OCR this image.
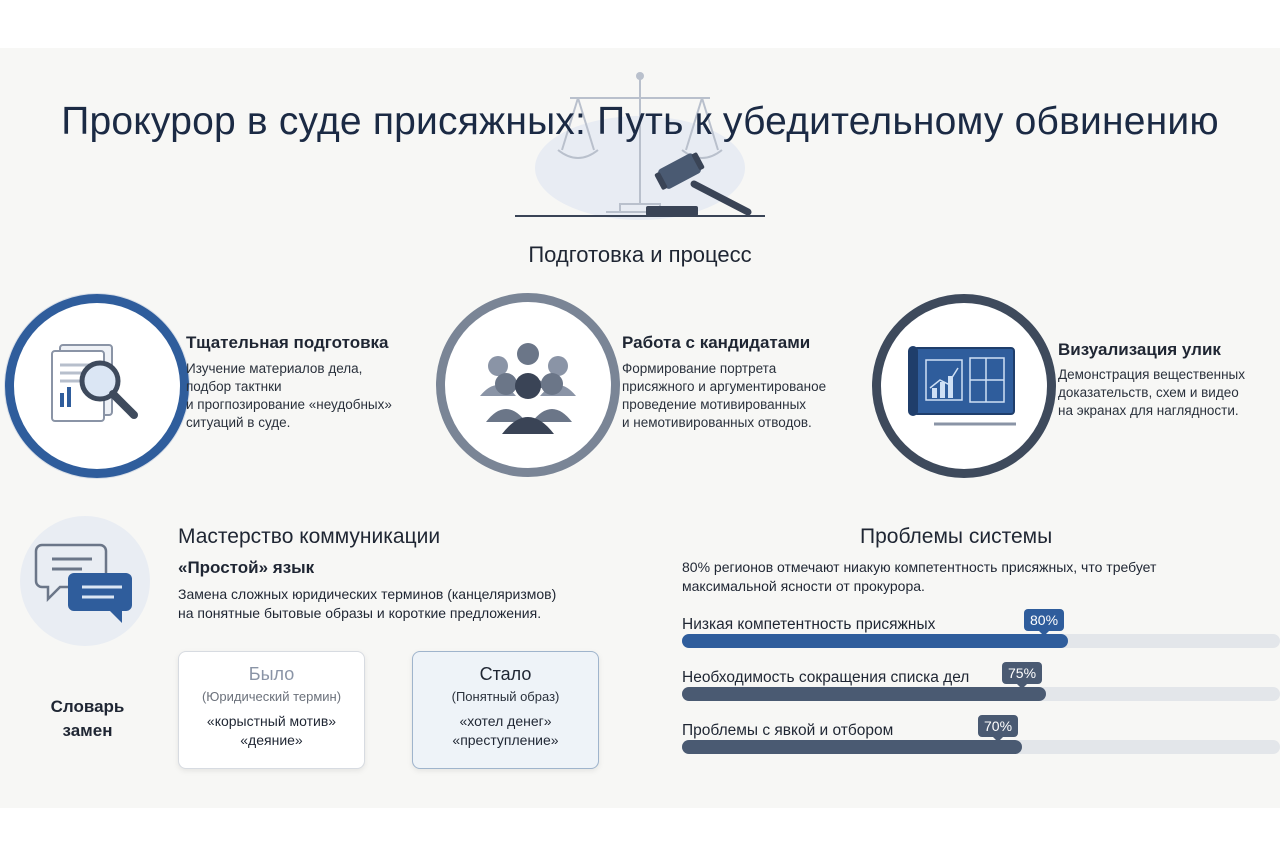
Прокурор в суде присяжных: Путь к убедительному обвинению
Подготовка и процесс
Тщательная подготовка
Изучение материалов дела,
подбор тактнки
и прогпозирование «неудобных»
ситуаций в суде.
Работа с кандидатами
Формирование портрета
присяжного и аргументированое
проведение мотивированных
и немотивированных отводов.
Визуализация улик
Демонстрация вещественных
доказательств, схем и видео
на экранах для наглядности.
Мастерство коммуникации
«Простой» язык
Замена сложных юридических терминов (канцеляризмов)
на понятные бытовые образы и короткие предложения.
Словарь
замен
Было
(Юридический термин)
«корыстный мотив»
«деяние»
Стало
(Понятный образ)
«хотел денег»
«преступление»
Проблемы системы
80% регионов отмечают ниакую компетентность присяжных, что требует
максимальной ясности от прокурора.
Низкая компетентность присяжных	80%
Необходимость сокращения списка дел	75%
Проблемы с явкой и отбором	70%
